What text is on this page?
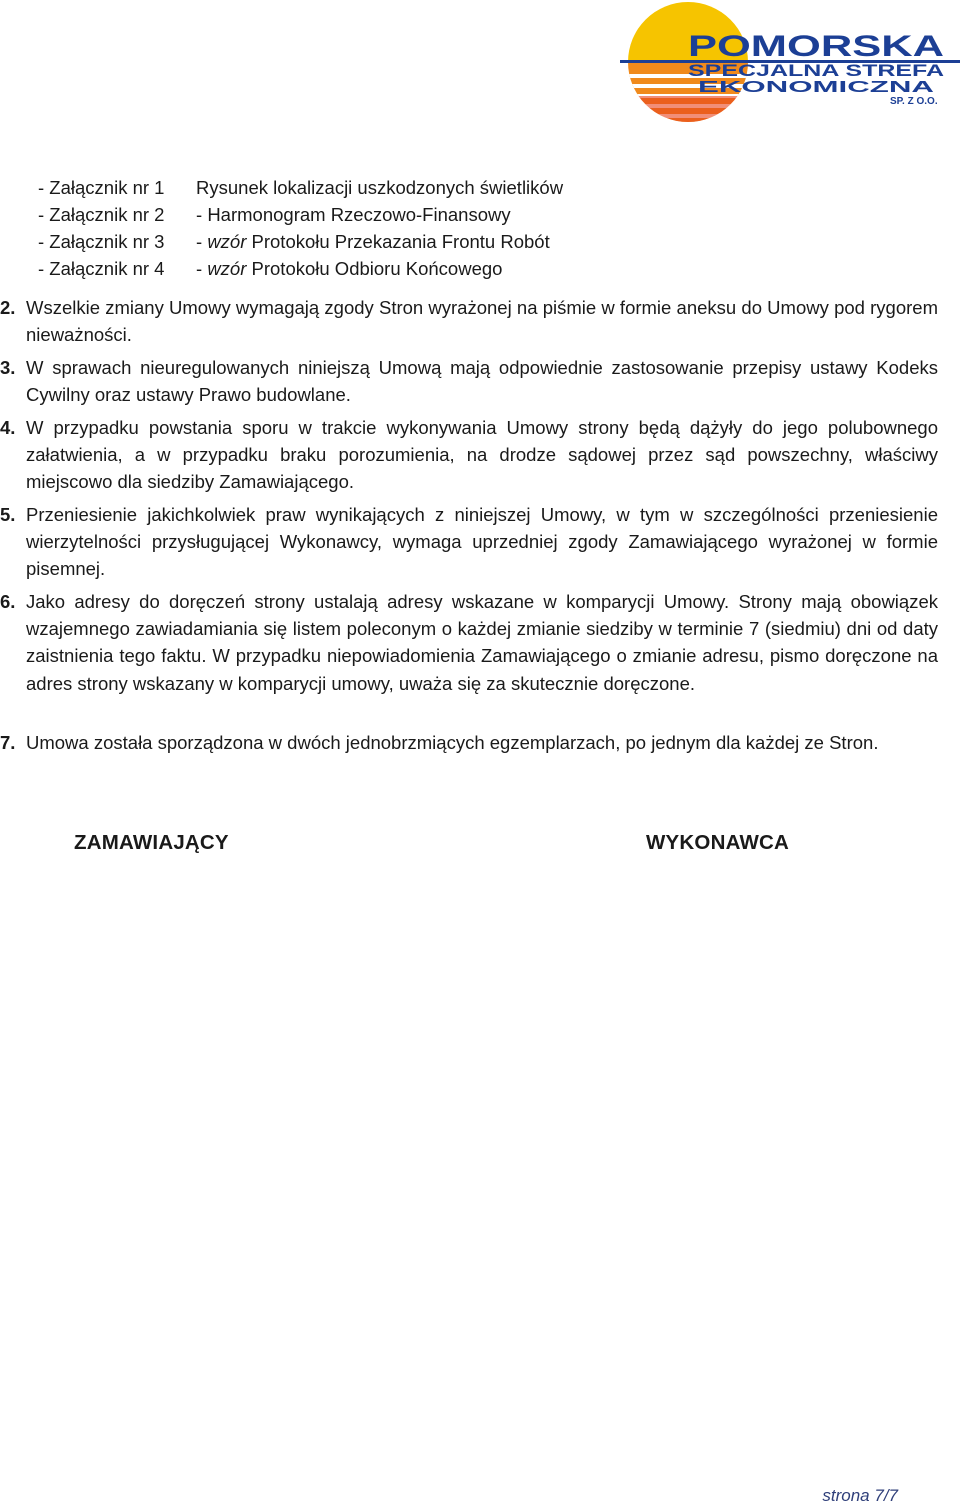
POMORSKA
SPECJALNA STREFA
EKONOMICZNA
SP. Z O.O.
- Załącznik nr 1 Rysunek lokalizacji uszkodzonych świetlików
- Załącznik nr 2 - Harmonogram Rzeczowo-Finansowy
- Załącznik nr 3 - wzór Protokołu Przekazania Frontu Robót
- Załącznik nr 4 - wzór Protokołu Odbioru Końcowego
2. Wszelkie zmiany Umowy wymagają zgody Stron wyrażonej na piśmie w formie aneksu do Umowy pod rygorem nieważności.
3. W sprawach nieuregulowanych niniejszą Umową mają odpowiednie zastosowanie przepisy ustawy Kodeks Cywilny oraz ustawy Prawo budowlane.
4. W przypadku powstania sporu w trakcie wykonywania Umowy strony będą dążyły do jego polubownego załatwienia, a w przypadku braku porozumienia, na drodze sądowej przez sąd powszechny, właściwy miejscowo dla siedziby Zamawiającego.
5. Przeniesienie jakichkolwiek praw wynikających z niniejszej Umowy, w tym w szczególności przeniesienie wierzytelności przysługującej Wykonawcy, wymaga uprzedniej zgody Zamawiającego wyrażonej w formie pisemnej.
6. Jako adresy do doręczeń strony ustalają adresy wskazane w komparycji Umowy. Strony mają obowiązek wzajemnego zawiadamiania się listem poleconym o każdej zmianie siedziby w terminie 7 (siedmiu) dni od daty zaistnienia tego faktu. W przypadku niepowiadomienia Zamawiającego o zmianie adresu, pismo doręczone na adres strony wskazany w komparycji umowy, uważa się za skutecznie doręczone.
7. Umowa została sporządzona w dwóch jednobrzmiących egzemplarzach, po jednym dla każdej ze Stron.
ZAMAWIAJĄCY	WYKONAWCA
strona 7/7
